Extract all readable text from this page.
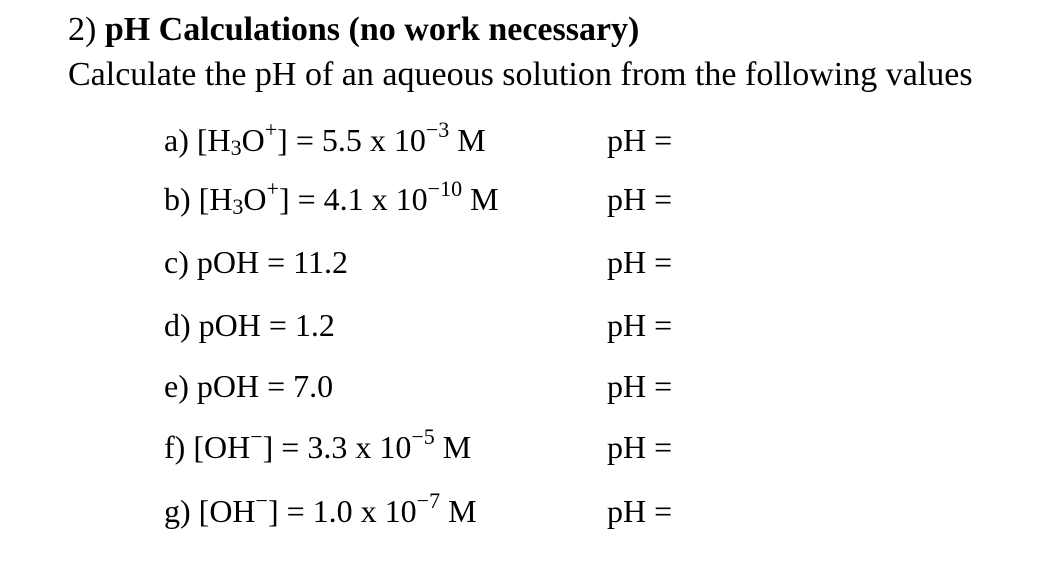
2) pH Calculations (no work necessary)
Calculate the pH of an aqueous solution from the following values
a) [H3O+] = 5.5 x $10^{-3}$ M	pH =
b) [H3O+] = 4.1 x $10^{-10}$ M	pH =
c) pOH = 11.2	pH =
d) pOH = 1.2	pH =
e) pOH = 7.0	pH =
f) [OH−] = 3.3 x $10^{-5}$ M	pH =
g) [OH−] = 1.0 x $10^{-7}$ M	pH =
